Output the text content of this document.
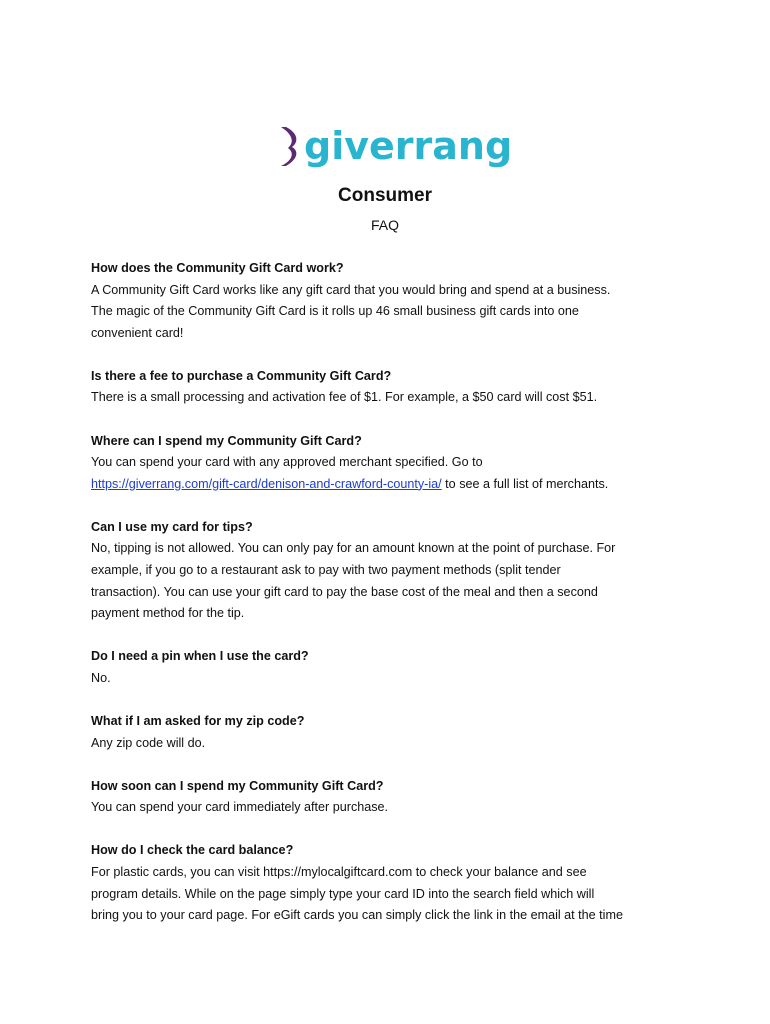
giverrang
Consumer
FAQ

How does the Community Gift Card work?

A Community Gift Card works like any gift card that you would bring and spend at a business.

The magic of the Community Gift Card is it rolls up 46 small business gift cards into one

convenient card!

Is there a fee to purchase a Community Gift Card?

There is a small processing and activation fee of $1. For example, a $50 card will cost $51.

Where can I spend my Community Gift Card?

You can spend your card with any approved merchant specified. Go to

https://giverrang.com/gift-card/denison-and-crawford-county-ia/ to see a full list of merchants.

Can I use my card for tips?

No, tipping is not allowed. You can only pay for an amount known at the point of purchase. For

example, if you go to a restaurant ask to pay with two payment methods (split tender

transaction). You can use your gift card to pay the base cost of the meal and then a second

payment method for the tip.

Do I need a pin when I use the card?

No.

What if I am asked for my zip code?

Any zip code will do.

How soon can I spend my Community Gift Card?

You can spend your card immediately after purchase.

How do I check the card balance?

For plastic cards, you can visit https://mylocalgiftcard.com to check your balance and see

program details. While on the page simply type your card ID into the search field which will

bring you to your card page. For eGift cards you can simply click the link in the email at the time
